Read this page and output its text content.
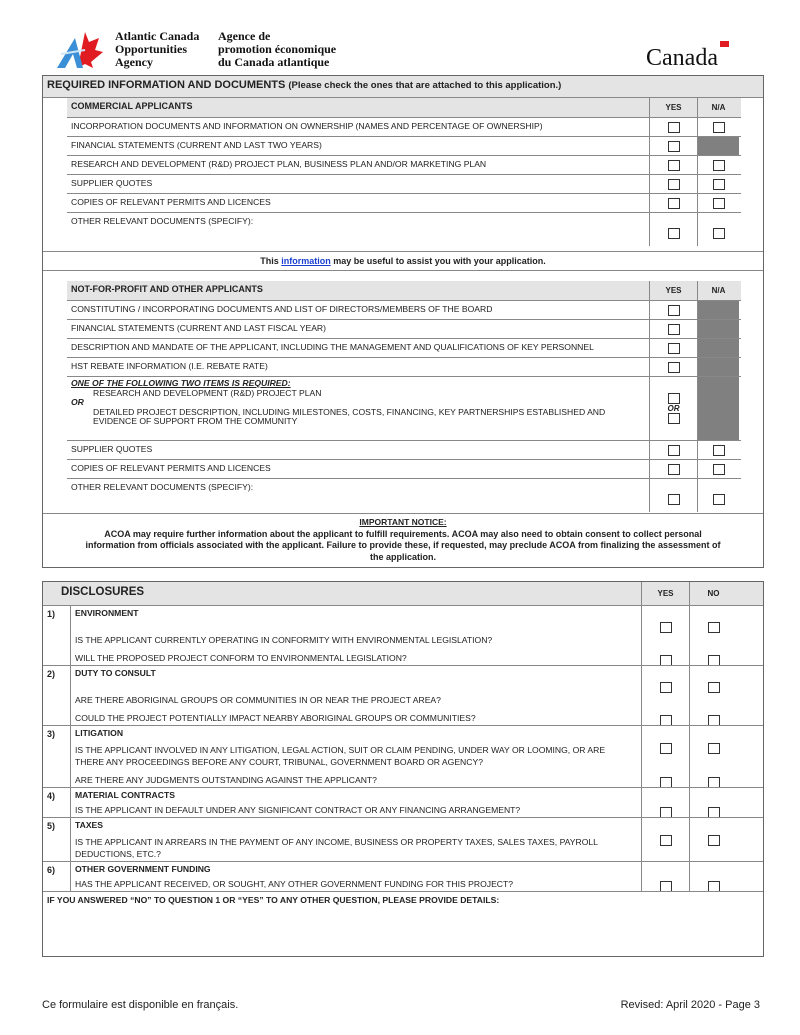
Atlantic Canada
Opportunities
Agency
Agence de
promotion économique
du Canada atlantique	Canada
REQUIRED INFORMATION AND DOCUMENTS (Please check the ones that are attached to this application.)
COMMERCIAL APPLICANTS	YES	N/A
INCORPORATION DOCUMENTS AND INFORMATION ON OWNERSHIP (NAMES AND PERCENTAGE OF OWNERSHIP)
FINANCIAL STATEMENTS (CURRENT AND LAST TWO YEARS)
RESEARCH AND DEVELOPMENT (R&D) PROJECT PLAN, BUSINESS PLAN AND/OR MARKETING PLAN
SUPPLIER QUOTES
COPIES OF RELEVANT PERMITS AND LICENCES
OTHER RELEVANT DOCUMENTS (SPECIFY):
This information may be useful to assist you with your application.
NOT-FOR-PROFIT AND OTHER APPLICANTS	YES	N/A
CONSTITUTING / INCORPORATING DOCUMENTS AND LIST OF DIRECTORS/MEMBERS OF THE BOARD
FINANCIAL STATEMENTS (CURRENT AND LAST FISCAL YEAR)
DESCRIPTION AND MANDATE OF THE APPLICANT, INCLUDING THE MANAGEMENT AND QUALIFICATIONS OF KEY PERSONNEL
HST REBATE INFORMATION (I.E. REBATE RATE)
ONE OF THE FOLLOWING TWO ITEMS IS REQUIRED:
RESEARCH AND DEVELOPMENT (R&D) PROJECT PLAN
OR
DETAILED PROJECT DESCRIPTION, INCLUDING MILESTONES, COSTS, FINANCING, KEY PARTNERSHIPS ESTABLISHED AND EVIDENCE OF SUPPORT FROM THE COMMUNITY
OR
SUPPLIER QUOTES
COPIES OF RELEVANT PERMITS AND LICENCES
OTHER RELEVANT DOCUMENTS (SPECIFY):
IMPORTANT NOTICE:
ACOA may require further information about the applicant to fulfill requirements. ACOA may also need to obtain consent to collect personal information from officials associated with the applicant. Failure to provide these, if requested, may preclude ACOA from finalizing the assessment of the application.
DISCLOSURES	YES	NO
1)	ENVIRONMENT
IS THE APPLICANT CURRENTLY OPERATING IN CONFORMITY WITH ENVIRONMENTAL LEGISLATION?
WILL THE PROPOSED PROJECT CONFORM TO ENVIRONMENTAL LEGISLATION?
2)	DUTY TO CONSULT
ARE THERE ABORIGINAL GROUPS OR COMMUNITIES IN OR NEAR THE PROJECT AREA?
COULD THE PROJECT POTENTIALLY IMPACT NEARBY ABORIGINAL GROUPS OR COMMUNITIES?
3)	LITIGATION
IS THE APPLICANT INVOLVED IN ANY LITIGATION, LEGAL ACTION, SUIT OR CLAIM PENDING, UNDER WAY OR LOOMING, OR ARE THERE ANY PROCEEDINGS BEFORE ANY COURT, TRIBUNAL, GOVERNMENT BOARD OR AGENCY?
ARE THERE ANY JUDGMENTS OUTSTANDING AGAINST THE APPLICANT?
4)	MATERIAL CONTRACTS
IS THE APPLICANT IN DEFAULT UNDER ANY SIGNIFICANT CONTRACT OR ANY FINANCING ARRANGEMENT?
5)	TAXES
IS THE APPLICANT IN ARREARS IN THE PAYMENT OF ANY INCOME, BUSINESS OR PROPERTY TAXES, SALES TAXES, PAYROLL DEDUCTIONS, ETC.?
6)	OTHER GOVERNMENT FUNDING
HAS THE APPLICANT RECEIVED, OR SOUGHT, ANY OTHER GOVERNMENT FUNDING FOR THIS PROJECT?
IF YOU ANSWERED “NO” TO QUESTION 1 OR “YES” TO ANY OTHER QUESTION, PLEASE PROVIDE DETAILS:
Ce formulaire est disponible en français.	Revised: April 2020 - Page 3
